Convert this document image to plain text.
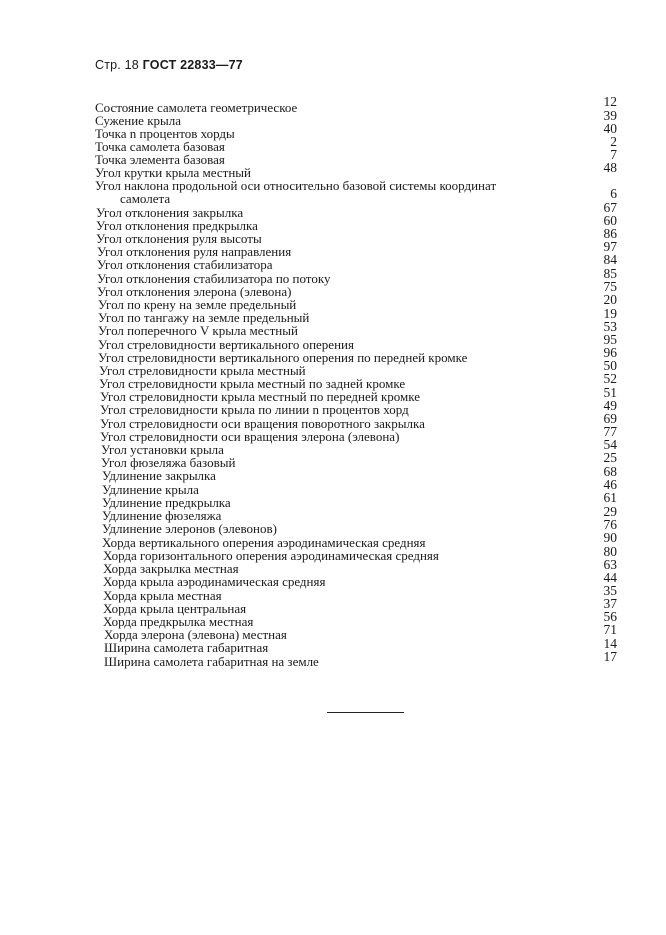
Стр. 18 ГОСТ 22833—77
Состояние самолета геометрическое	12
Сужение крыла	39
Точка n процентов хорды	40
Точка самолета базовая	2
Точка элемента базовая	7
Угол крутки крыла местный	48
Угол наклона продольной оси относительно базовой системы координат
самолета	6
Угол отклонения закрылка	67
Угол отклонения предкрылка	60
Угол отклонения руля высоты	86
Угол отклонения руля направления	97
Угол отклонения стабилизатора	84
Угол отклонения стабилизатора по потоку	85
Угол отклонения элерона (элевона)	75
Угол по крену на земле предельный	20
Угол по тангажу на земле предельный	19
Угол поперечного V крыла местный	53
Угол стреловидности вертикального оперения	95
Угол стреловидности вертикального оперения по передней кромке	96
Угол стреловидности крыла местный	50
Угол стреловидности крыла местный по задней кромке	52
Угол стреловидности крыла местный по передней кромке	51
Угол стреловидности крыла по линии n процентов хорд	49
Угол стреловидности оси вращения поворотного закрылка	69
Угол стреловидности оси вращения элерона (элевона)	77
Угол установки крыла	54
Угол фюзеляжа базовый	25
Удлинение закрылка	68
Удлинение крыла	46
Удлинение предкрылка	61
Удлинение фюзеляжа	29
Удлинение элеронов (элевонов)	76
Хорда вертикального оперения аэродинамическая средняя	90
Хорда горизонтального оперения аэродинамическая средняя	80
Хорда закрылка местная	63
Хорда крыла аэродинамическая средняя	44
Хорда крыла местная	35
Хорда крыла центральная	37
Хорда предкрылка местная	56
Хорда элерона (элевона) местная	71
Ширина самолета габаритная	14
Ширина самолета габаритная на земле	17
